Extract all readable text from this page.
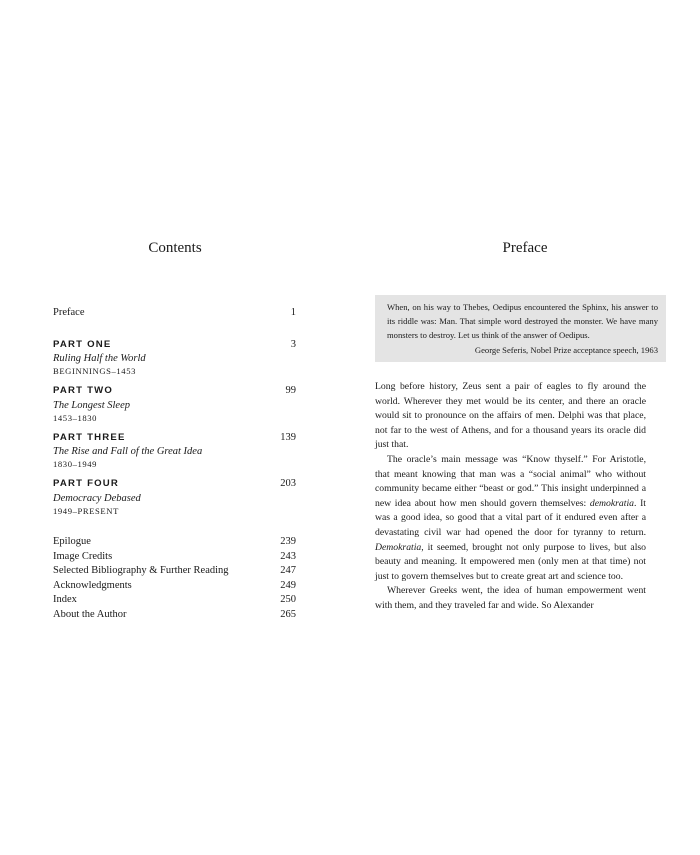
Contents
Preface	1
PART ONE	3
Ruling Half the World
BEGINNINGS–1453
PART TWO	99
The Longest Sleep
1453–1830
PART THREE	139
The Rise and Fall of the Great Idea
1830–1949
PART FOUR	203
Democracy Debased
1949–PRESENT
Epilogue	239
Image Credits	243
Selected Bibliography & Further Reading	247
Acknowledgments	249
Index	250
About the Author	265
Preface
When, on his way to Thebes, Oedipus encountered the Sphinx, his answer to its riddle was: Man. That simple word destroyed the monster. We have many monsters to destroy. Let us think of the answer of Oedipus.
George Seferis, Nobel Prize acceptance speech, 1963

Long before history, Zeus sent a pair of eagles to fly around the world. Wherever they met would be its center, and there an oracle would sit to pronounce on the affairs of men. Delphi was that place, not far to the west of Athens, and for a thousand years its oracle did just that.

The oracle’s main message was “Know thyself.” For Aristotle, that meant knowing that man was a “social animal” who without community became either “beast or god.” This insight underpinned a new idea about how men should govern themselves: demokratia. It was a good idea, so good that a vital part of it endured even after a devastating civil war had opened the door for tyranny to return. Demokratia, it seemed, brought not only purpose to lives, but also beauty and meaning. It empowered men (only men at that time) not just to govern themselves but to create great art and science too.

Wherever Greeks went, the idea of human empowerment went with them, and they traveled far and wide. So Alexander
